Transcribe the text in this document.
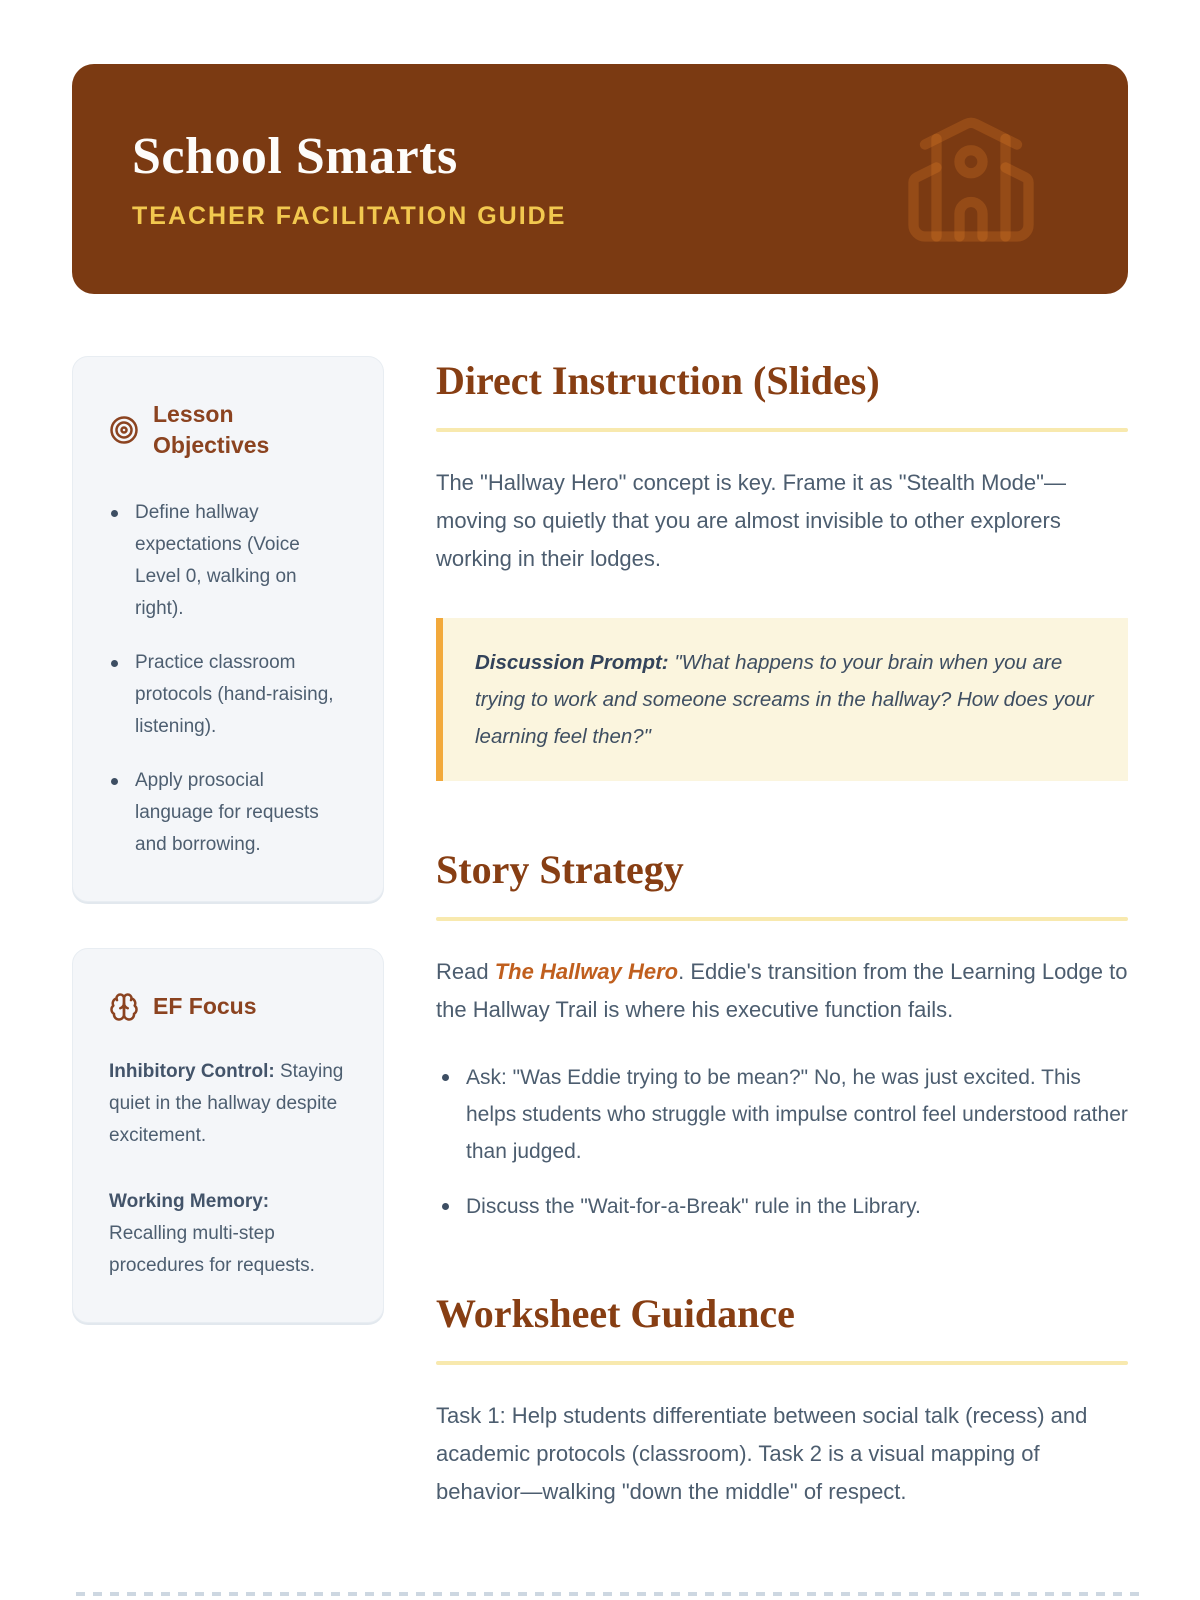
School Smarts
TEACHER FACILITATION GUIDE
Lesson Objectives
Define hallway expectations (Voice Level 0, walking on right).
Practice classroom protocols (hand-raising, listening).
Apply prosocial language for requests and borrowing.
EF Focus

Inhibitory Control: Staying quiet in the hallway despite excitement.

Working Memory: Recalling multi-step procedures for requests.

Direct Instruction (Slides)

The "Hallway Hero" concept is key. Frame it as "Stealth Mode"—moving so quietly that you are almost invisible to other explorers working in their lodges.

Discussion Prompt: "What happens to your brain when you are trying to work and someone screams in the hallway? How does your learning feel then?"

Story Strategy

Read The Hallway Hero. Eddie's transition from the Learning Lodge to the Hallway Trail is where his executive function fails.

Ask: "Was Eddie trying to be mean?" No, he was just excited. This helps students who struggle with impulse control feel understood rather than judged.
Discuss the "Wait-for-a-Break" rule in the Library.
Worksheet Guidance

Task 1: Help students differentiate between social talk (recess) and academic protocols (classroom). Task 2 is a visual mapping of behavior—walking "down the middle" of respect.
